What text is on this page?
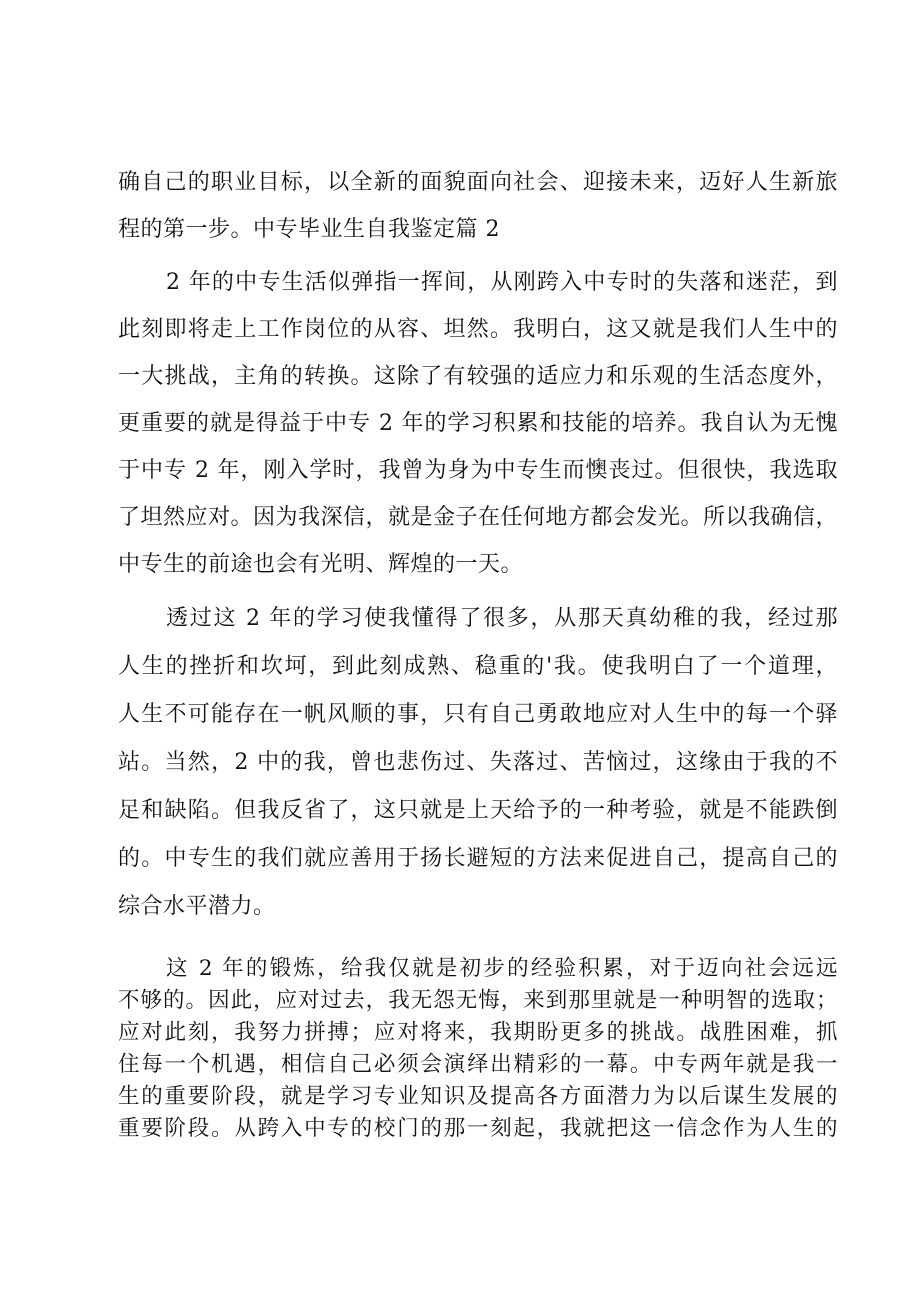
确自己的职业目标，以全新的面貌面向社会、迎接未来，迈好人生新旅
程的第一步。中专毕业生自我鉴定篇 2
2 年的中专生活似弹指一挥间，从刚跨入中专时的失落和迷茫，到
此刻即将走上工作岗位的从容、坦然。我明白，这又就是我们人生中的
一大挑战，主角的转换。这除了有较强的适应力和乐观的生活态度外，
更重要的就是得益于中专 2 年的学习积累和技能的培养。我自认为无愧
于中专 2 年，刚入学时，我曾为身为中专生而懊丧过。但很快，我选取
了坦然应对。因为我深信，就是金子在任何地方都会发光。所以我确信，
中专生的前途也会有光明、辉煌的一天。
透过这 2 年的学习使我懂得了很多，从那天真幼稚的我，经过那
人生的挫折和坎坷，到此刻成熟、稳重的'我。使我明白了一个道理，
人生不可能存在一帆风顺的事，只有自己勇敢地应对人生中的每一个驿
站。当然，2 中的我，曾也悲伤过、失落过、苦恼过，这缘由于我的不
足和缺陷。但我反省了，这只就是上天给予的一种考验，就是不能跌倒
的。中专生的我们就应善用于扬长避短的方法来促进自己，提高自己的
综合水平潜力。
这 2 年的锻炼，给我仅就是初步的经验积累，对于迈向社会远远
不够的。因此，应对过去，我无怨无悔，来到那里就是一种明智的选取；
应对此刻，我努力拼搏；应对将来，我期盼更多的挑战。战胜困难，抓
住每一个机遇，相信自己必须会演绎出精彩的一幕。中专两年就是我一
生的重要阶段，就是学习专业知识及提高各方面潜力为以后谋生发展的
重要阶段。从跨入中专的校门的那一刻起，我就把这一信念作为人生的
